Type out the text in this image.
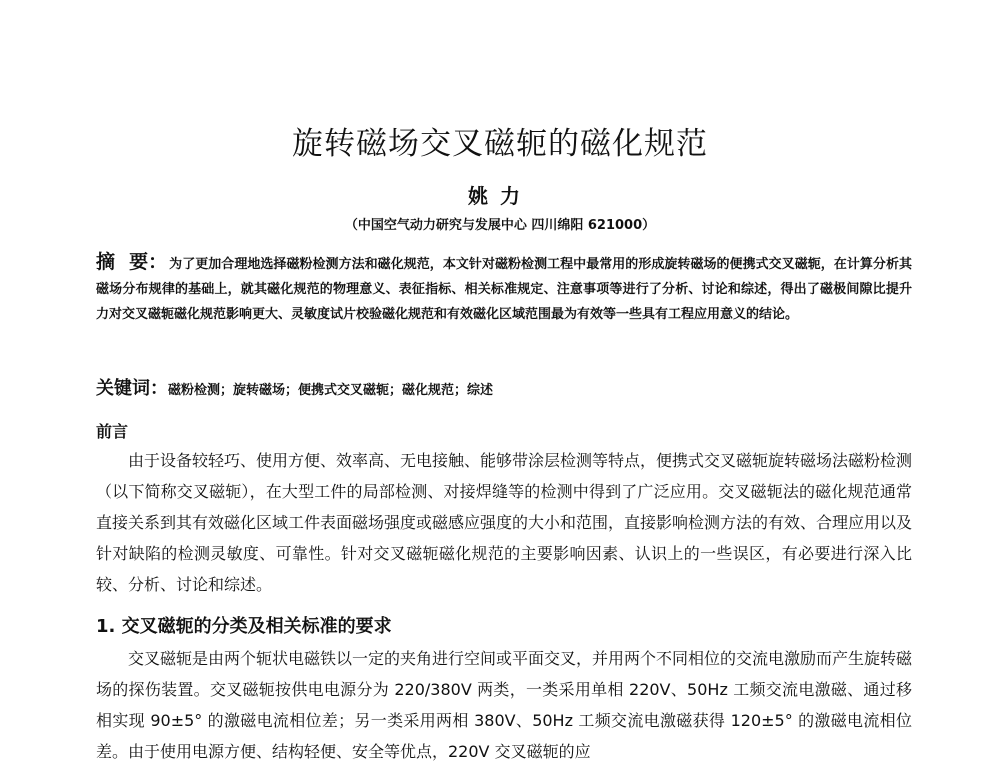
旋转磁场交叉磁轭的磁化规范
姚力
（中国空气动力研究与发展中心 四川绵阳 621000）
摘 要： 为了更加合理地选择磁粉检测方法和磁化规范，本文针对磁粉检测工程中最常用的形成旋转磁场的便携式交叉磁轭，在计算分析其磁场分布规律的基础上，就其磁化规范的物理意义、表征指标、相关标准规定、注意事项等进行了分析、讨论和综述，得出了磁极间隙比提升力对交叉磁轭磁化规范影响更大、灵敏度试片校验磁化规范和有效磁化区域范围最为有效等一些具有工程应用意义的结论。
关键词：磁粉检测；旋转磁场；便携式交叉磁轭；磁化规范；综述
前言
由于设备较轻巧、使用方便、效率高、无电接触、能够带涂层检测等特点，便携式交叉磁轭旋转磁场法磁粉检测（以下简称交叉磁轭），在大型工件的局部检测、对接焊缝等的检测中得到了广泛应用。交叉磁轭法的磁化规范通常直接关系到其有效磁化区域工件表面磁场强度或磁感应强度的大小和范围，直接影响检测方法的有效、合理应用以及针对缺陷的检测灵敏度、可靠性。针对交叉磁轭磁化规范的主要影响因素、认识上的一些误区，有必要进行深入比较、分析、讨论和综述。
1. 交叉磁轭的分类及相关标准的要求
交叉磁轭是由两个轭状电磁铁以一定的夹角进行空间或平面交叉，并用两个不同相位的交流电激励而产生旋转磁场的探伤装置。交叉磁轭按供电电源分为 220/380V 两类，一类采用单相 220V、50Hz 工频交流电激磁、通过移相实现 90±5° 的激磁电流相位差；另一类采用两相 380V、50Hz 工频交流电激磁获得 120±5° 的激磁电流相位差。由于使用电源方便、结构轻便、安全等优点，220V 交叉磁轭的应
